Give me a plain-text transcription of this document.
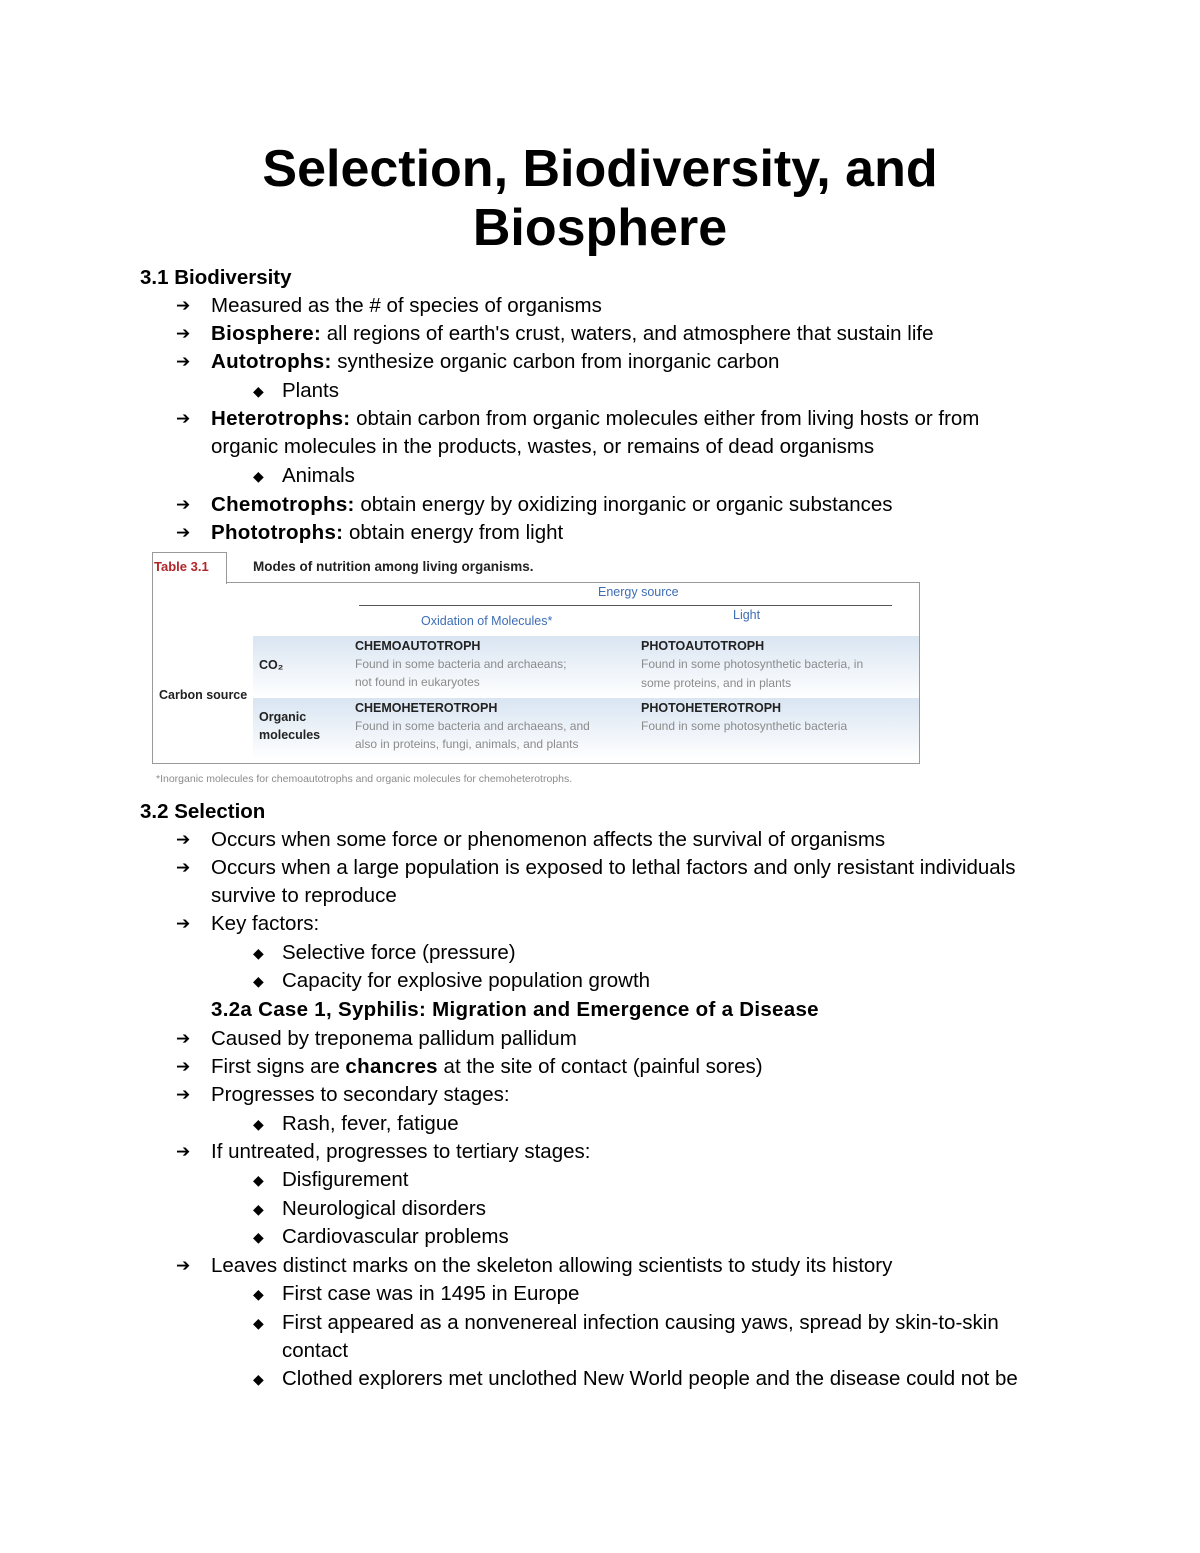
Selection, Biodiversity, and
Biosphere
3.1 Biodiversity
➔ Measured as the # of species of organisms
➔ Biosphere: all regions of earth's crust, waters, and atmosphere that sustain life
➔ Autotrophs: synthesize organic carbon from inorganic carbon
◆ Plants
➔ Heterotrophs: obtain carbon from organic molecules either from living hosts or from
organic molecules in the products, wastes, or remains of dead organisms
◆ Animals
➔ Chemotrophs: obtain energy by oxidizing inorganic or organic substances
➔ Phototrophs: obtain energy from light
Table 3.1	Modes of nutrition among living organisms.
Energy source
Oxidation of Molecules*	Light
Carbon source
CO₂
Organic
molecules
CHEMOAUTOTROPH
Found in some bacteria and archaeans;
not found in eukaryotes
PHOTOAUTOTROPH
Found in some photosynthetic bacteria, in
some proteins, and in plants
CHEMOHETEROTROPH
Found in some bacteria and archaeans, and
also in proteins, fungi, animals, and plants
PHOTOHETEROTROPH
Found in some photosynthetic bacteria
*Inorganic molecules for chemoautotrophs and organic molecules for chemoheterotrophs.
3.2 Selection
➔ Occurs when some force or phenomenon affects the survival of organisms
➔ Occurs when a large population is exposed to lethal factors and only resistant individuals
survive to reproduce
➔ Key factors:
◆ Selective force (pressure)
◆ Capacity for explosive population growth
3.2a Case 1, Syphilis: Migration and Emergence of a Disease
➔ Caused by treponema pallidum pallidum
➔ First signs are chancres at the site of contact (painful sores)
➔ Progresses to secondary stages:
◆ Rash, fever, fatigue
➔ If untreated, progresses to tertiary stages:
◆ Disfigurement
◆ Neurological disorders
◆ Cardiovascular problems
➔ Leaves distinct marks on the skeleton allowing scientists to study its history
◆ First case was in 1495 in Europe
◆ First appeared as a nonvenereal infection causing yaws, spread by skin-to-skin
contact
◆ Clothed explorers met unclothed New World people and the disease could not be
